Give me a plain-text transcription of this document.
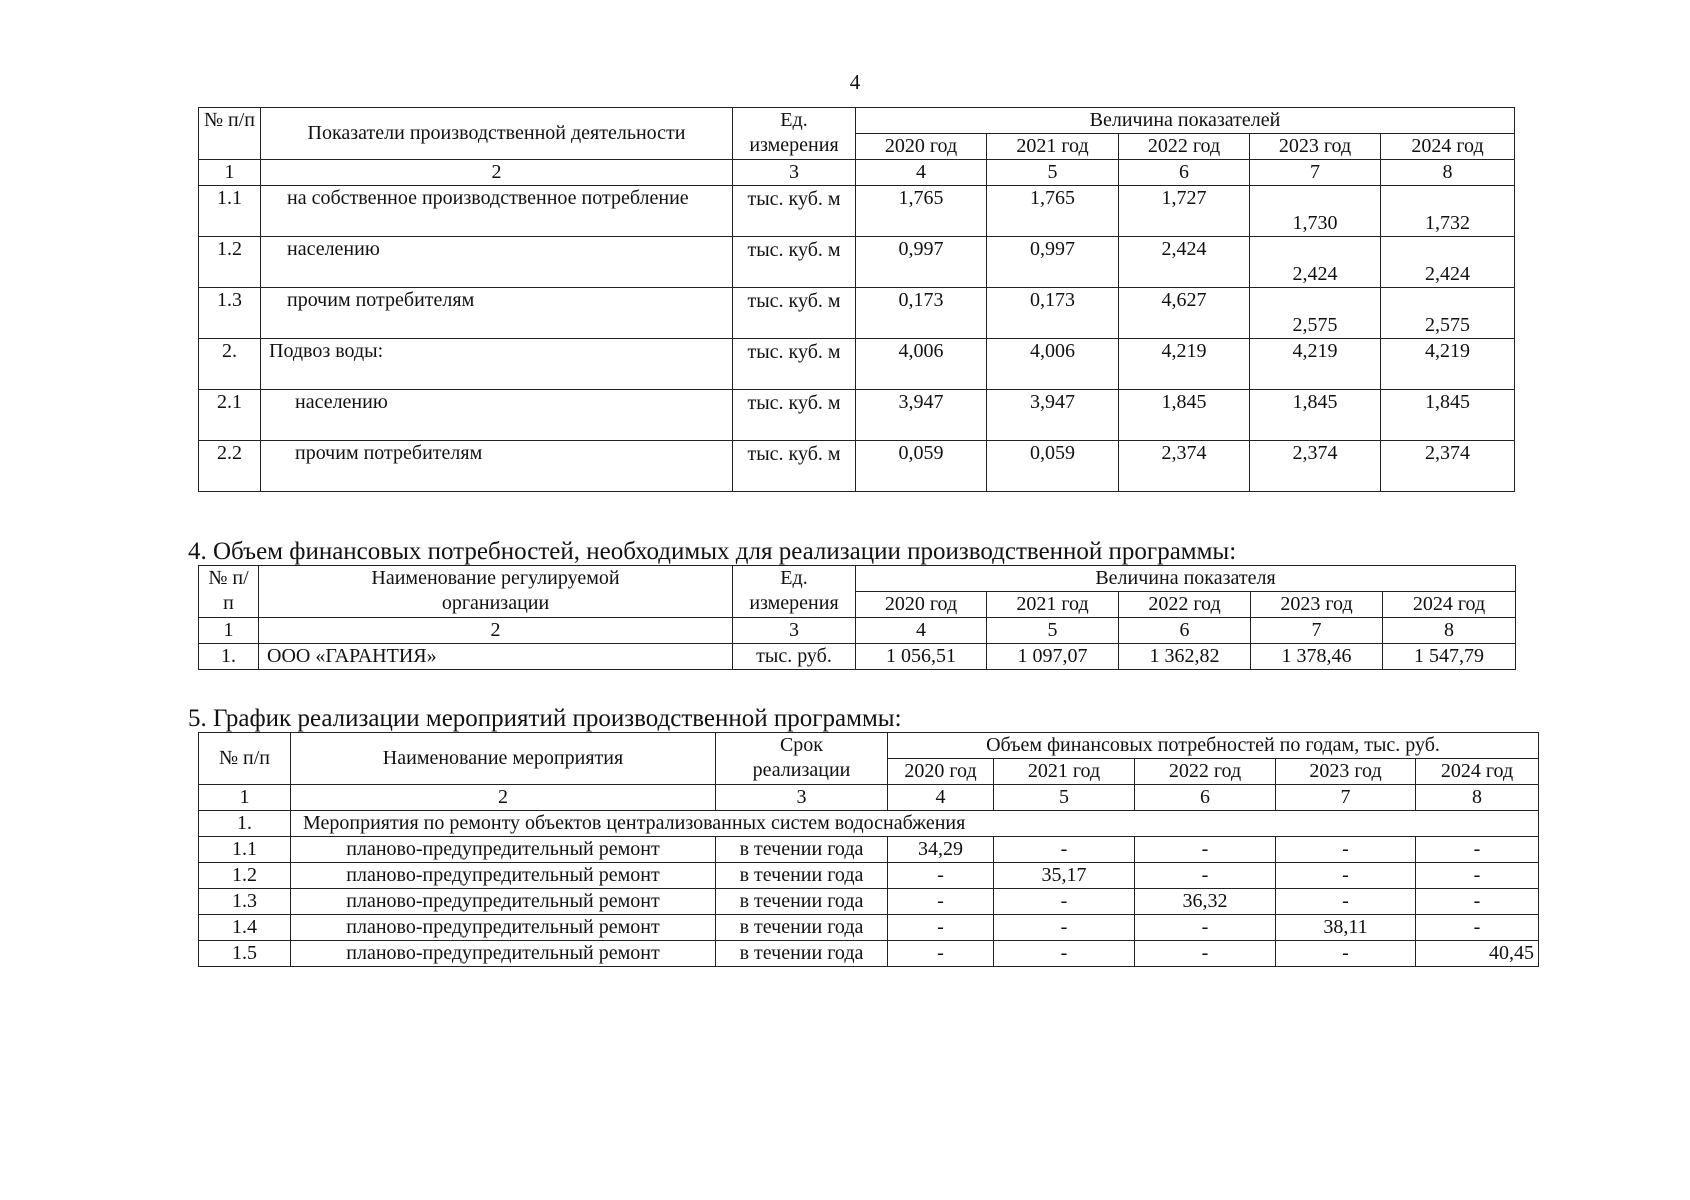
4
№ п/п	Показатели производственной деятельности	Ед. измерения	Величина показателей				
			2020 год	2021 год	2022 год	2023 год	2024 год
1	2	3	4	5	6	7	8
1.1	на собственное производственное потребление	тыс. куб. м	1,765	1,765	1,727	1,730	1,732
1.2	населению	тыс. куб. м	0,997	0,997	2,424	2,424	2,424
1.3	прочим потребителям	тыс. куб. м	0,173	0,173	4,627	2,575	2,575
2.	Подвоз воды:	тыс. куб. м	4,006	4,006	4,219	4,219	4,219
2.1	населению	тыс. куб. м	3,947	3,947	1,845	1,845	1,845
2.2	прочим потребителям	тыс. куб. м	0,059	0,059	2,374	2,374	2,374
4. Объем финансовых потребностей, необходимых для реализации производственной программы:
№ п/п	Наименование регулируемой организации	Ед. измерения	Величина показателя				
			2020 год	2021 год	2022 год	2023 год	2024 год
1	2	3	4	5	6	7	8
1.	ООО «ГАРАНТИЯ»	тыс. руб.	1 056,51	1 097,07	1 362,82	1 378,46	1 547,79
5. График реализации мероприятий производственной программы:
№ п/п	Наименование мероприятия	Срок реализации	Объем финансовых потребностей по годам, тыс. руб.				
			2020 год	2021 год	2022 год	2023 год	2024 год
1	2	3	4	5	6	7	8
1.	Мероприятия по ремонту объектов централизованных систем водоснабжения						
1.1	планово-предупредительный ремонт	в течении года	34,29	-	-	-	-
1.2	планово-предупредительный ремонт	в течении года	-	35,17	-	-	-
1.3	планово-предупредительный ремонт	в течении года	-	-	36,32	-	-
1.4	планово-предупредительный ремонт	в течении года	-	-	-	38,11	-
1.5	планово-предупредительный ремонт	в течении года	-	-	-	-	40,45
